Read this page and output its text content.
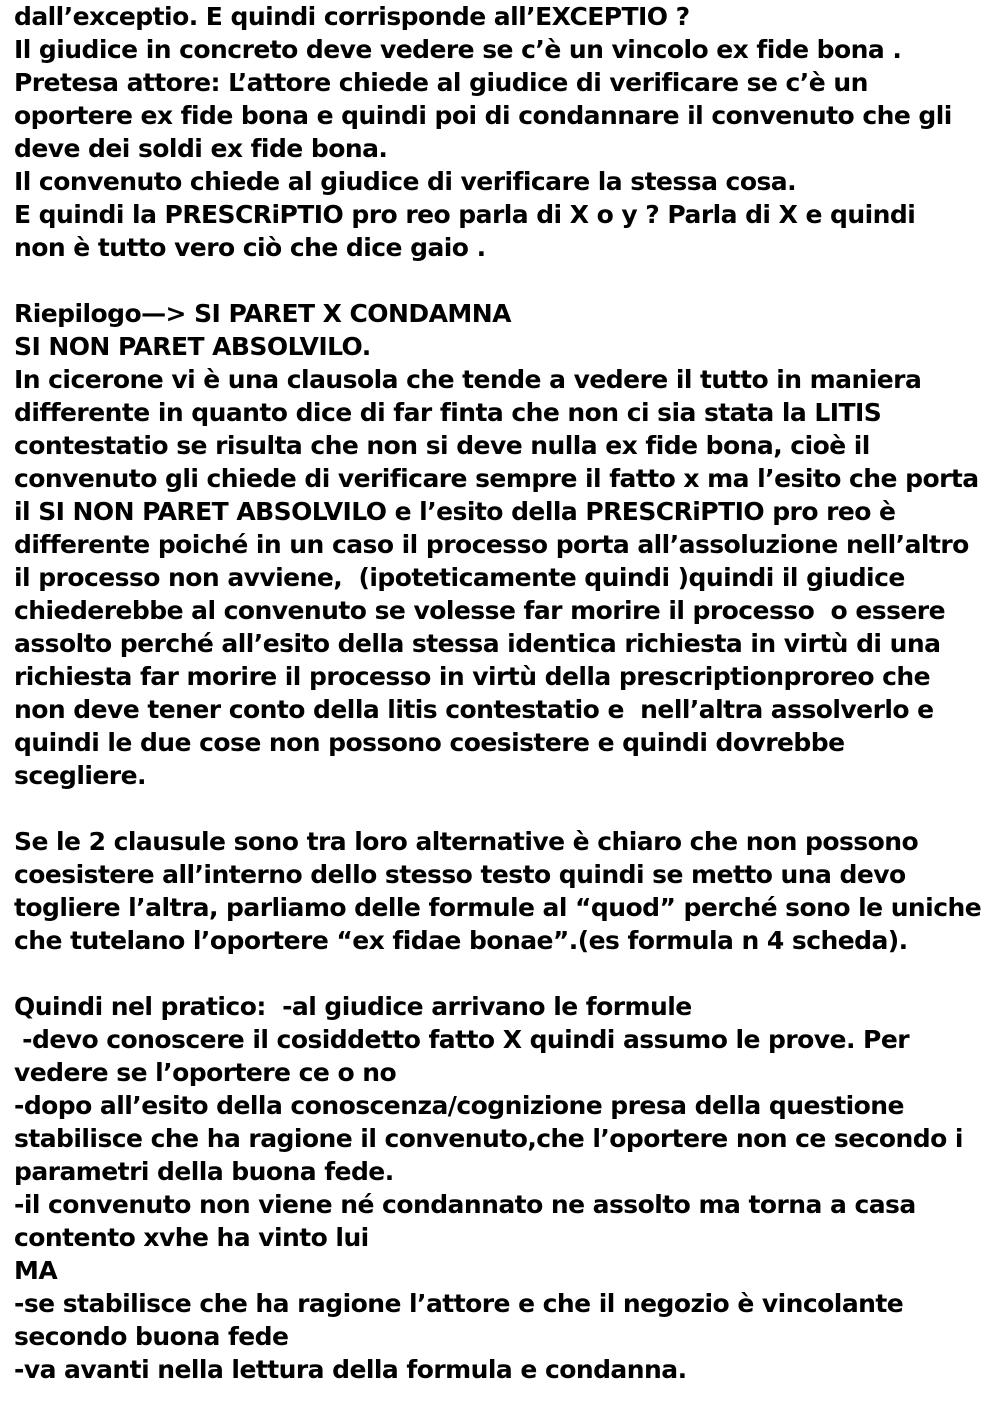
dall’exceptio. E quindi corrisponde all’EXCEPTIO ?
Il giudice in concreto deve vedere se c’è un vincolo ex fide bona .
Pretesa attore: L’attore chiede al giudice di verificare se c’è un
oportere ex fide bona e quindi poi di condannare il convenuto che gli
deve dei soldi ex fide bona.
Il convenuto chiede al giudice di verificare la stessa cosa.
E quindi la PRESCRiPTIO pro reo parla di X o y ? Parla di X e quindi
non è tutto vero ciò che dice gaio .
Riepilogo—> SI PARET X CONDAMNA
SI NON PARET ABSOLVILO.
In cicerone vi è una clausola che tende a vedere il tutto in maniera
differente in quanto dice di far finta che non ci sia stata la LITIS
contestatio se risulta che non si deve nulla ex fide bona, cioè il
convenuto gli chiede di verificare sempre il fatto x ma l’esito che porta
il SI NON PARET ABSOLVILO e l’esito della PRESCRiPTIO pro reo è
differente poiché in un caso il processo porta all’assoluzione nell’altro
il processo non avviene,  (ipoteticamente quindi )quindi il giudice
chiederebbe al convenuto se volesse far morire il processo  o essere
assolto perché all’esito della stessa identica richiesta in virtù di una
richiesta far morire il processo in virtù della prescriptionproreo che
non deve tener conto della litis contestatio e  nell’altra assolverlo e
quindi le due cose non possono coesistere e quindi dovrebbe
scegliere.
Se le 2 clausule sono tra loro alternative è chiaro che non possono
coesistere all’interno dello stesso testo quindi se metto una devo
togliere l’altra, parliamo delle formule al “quod” perché sono le uniche
che tutelano l’oportere “ex fidae bonae”.(es formula n 4 scheda).
Quindi nel pratico:  -al giudice arrivano le formule
-devo conoscere il cosiddetto fatto X quindi assumo le prove. Per
vedere se l’oportere ce o no
-dopo all’esito della conoscenza/cognizione presa della questione
stabilisce che ha ragione il convenuto,che l’oportere non ce secondo i
parametri della buona fede.
-il convenuto non viene né condannato ne assolto ma torna a casa
contento xvhe ha vinto lui
MA
-se stabilisce che ha ragione l’attore e che il negozio è vincolante
secondo buona fede
-va avanti nella lettura della formula e condanna.
